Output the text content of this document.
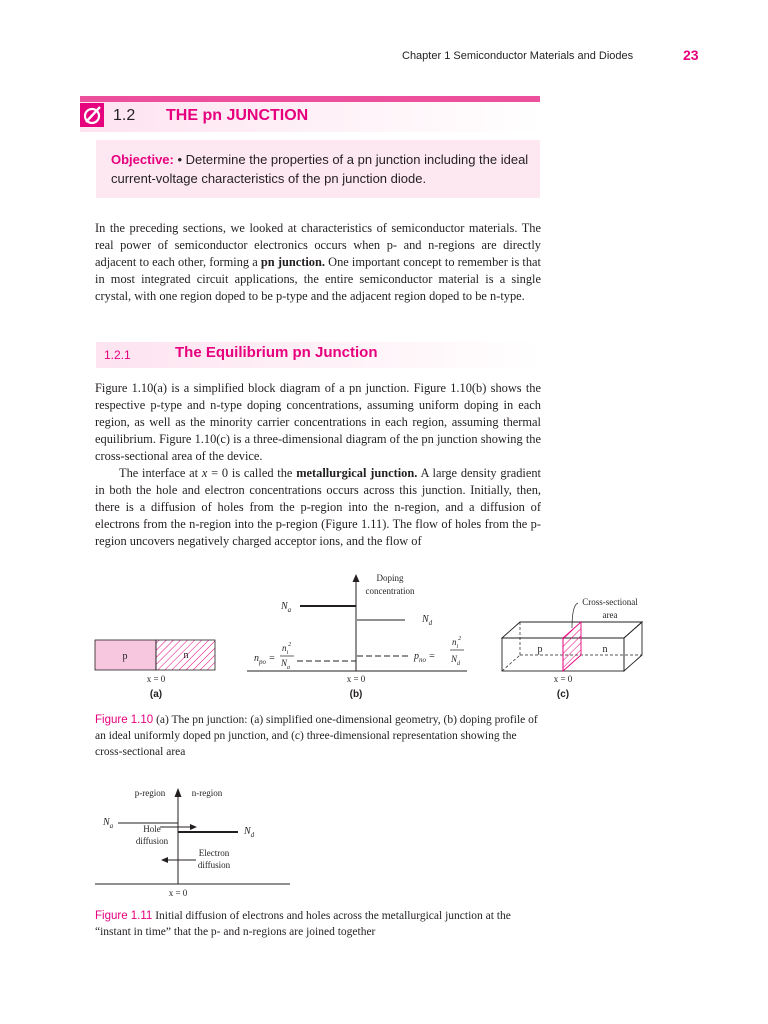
Chapter 1 Semiconductor Materials and Diodes	23
1.2 THE pn JUNCTION
Objective: • Determine the properties of a pn junction including the ideal current-voltage characteristics of the pn junction diode.

In the preceding sections, we looked at characteristics of semiconductor materials. The real power of semiconductor electronics occurs when p- and n-regions are directly adjacent to each other, forming a pn junction. One important concept to remember is that in most integrated circuit applications, the entire semiconductor material is a single crystal, with one region doped to be p-type and the adjacent region doped to be n-type.

1.2.1	The Equilibrium pn Junction

Figure 1.10(a) is a simplified block diagram of a pn junction. Figure 1.10(b) shows the respective p-type and n-type doping concentrations, assuming uniform doping in each region, as well as the minority carrier concentrations in each region, assuming thermal equilibrium. Figure 1.10(c) is a three-dimensional diagram of the pn junction showing the cross-sectional area of the device.

The interface at x = 0 is called the metallurgical junction. A large density gradient in both the hole and electron concentrations occurs across this junction. Initially, then, there is a diffusion of holes from the p-region into the n-region, and a diffusion of electrons from the n-region into the p-region (Figure 1.11). The flow of holes from the p-region uncovers negatively charged acceptor ions, and the flow of

p	n
x = 0
(a)
Doping
concentration
$N_a$
$N_d$
$n_{po}$ =
$n_i^2$
$N_a$
$p_{no}$ =
$n_i^2$
$N_d$
x = 0
(b)
p	n
Cross-sectional
area
x = 0
(c)
Figure 1.10 (a) The pn junction: (a) simplified one-dimensional geometry, (b) doping profile of an ideal uniformly doped pn junction, and (c) three-dimensional representation showing the cross-sectional area
p-region	n-region
$N_a$	$N_d$
Hole
diffusion
Electron
diffusion
x = 0
Figure 1.11 Initial diffusion of electrons and holes across the metallurgical junction at the “instant in time” that the p- and n-regions are joined together
